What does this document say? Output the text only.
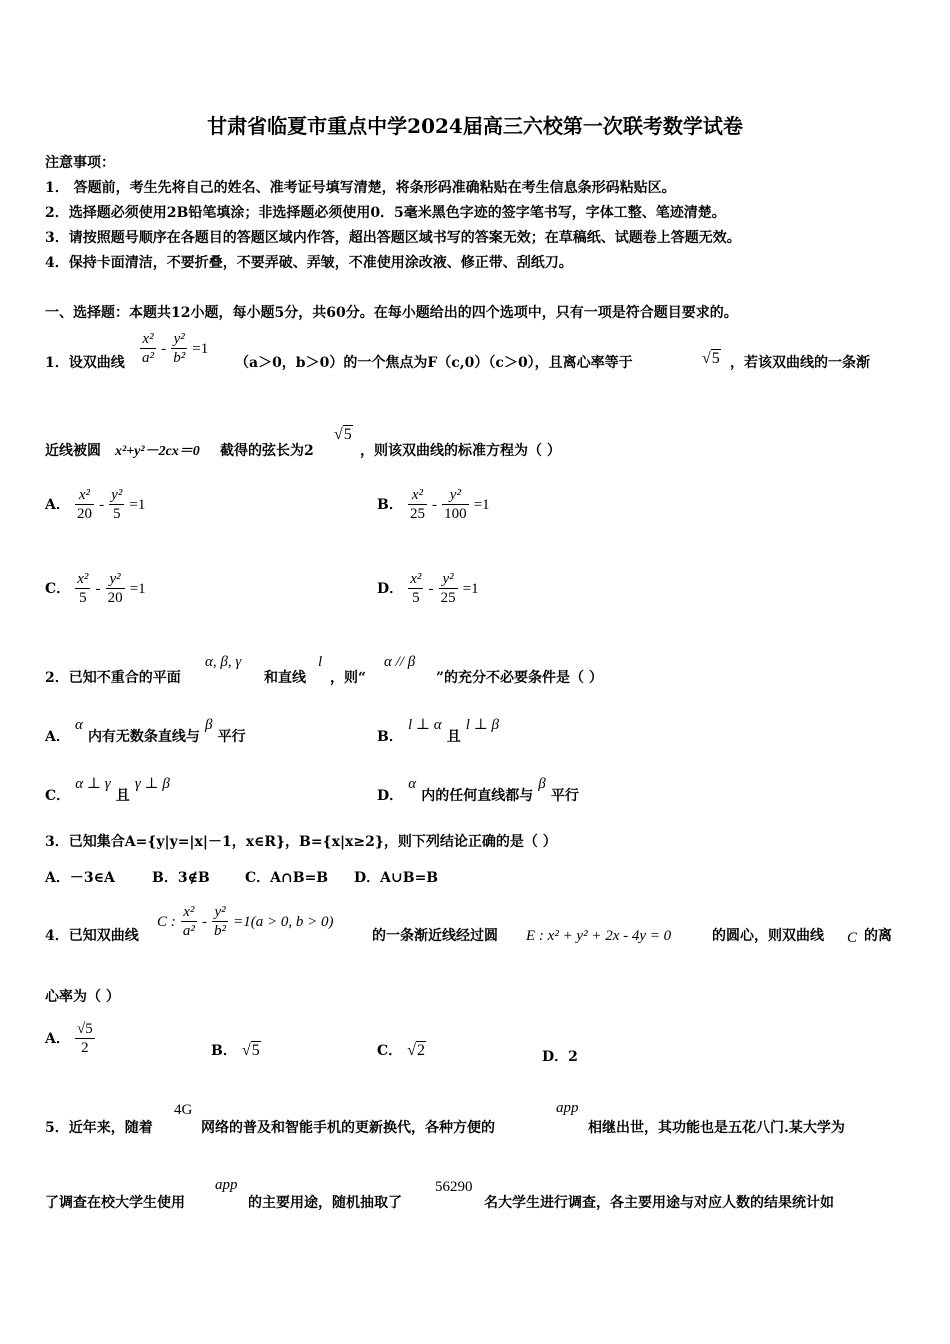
甘肃省临夏市重点中学2024届高三六校第一次联考数学试卷
注意事项：
1． 答题前，考生先将自己的姓名、准考证号填写清楚，将条形码准确粘贴在考生信息条形码粘贴区。
2．选择题必须使用2B铅笔填涂；非选择题必须使用0．5毫米黑色字迹的签字笔书写，字体工整、笔迹清楚。
3．请按照题号顺序在各题目的答题区域内作答，超出答题区域书写的答案无效；在草稿纸、试题卷上答题无效。
4．保持卡面清洁，不要折叠，不要弄破、弄皱，不准使用涂改液、修正带、刮纸刀。
一、选择题：本题共12小题，每小题5分，共60分。在每小题给出的四个选项中，只有一项是符合题目要求的。
1．设双曲线 $\frac{\text{x²}}{\text{a²}} - \frac{\text{y²}}{\text{b²}} =1$
（a＞0，b＞0）的一个焦点为F（c,0）（c＞0），且离心率等于	√5 ，若该双曲线的一条渐
近线被圆 x²+y²－2cx＝0 截得的弦长为2
√5
，则该双曲线的标准方程为（ ）
A． $\frac{\text{x²}}{20} - \frac{\text{y²}}{5} =1$	B． $\frac{\text{x²}}{25} - \frac{\text{y²}}{100} =1$
C． $\frac{\text{x²}}{5} - \frac{\text{y²}}{20} =1$	D． $\frac{\text{x²}}{5} - \frac{\text{y²}}{25} =1$
2．已知不重合的平面
α, β, γ
和直线
l
，则“
α // β
”的充分不必要条件是（ ）
A． α 内有无数条直线与 β 平行	B． l ⊥ α 且 l ⊥ β
C． α ⊥ γ 且 γ ⊥ β
D． α 内的任何直线都与 β 平行
3．已知集合A={y|y=|x|－1，x∈R}，B={x|x≥2}，则下列结论正确的是（ ）
A．－3∈A	B．3∉B	C．A∩B=B D．A∪B=B
4．已知双曲线
C : $\frac{\text{x²}}{\text{a²}} - \frac{\text{y²}}{\text{b²}} =1(a > 0$, b > 0)
的一条渐近线经过圆 E : x² + y² + 2x - 4y = 0	的圆心，则双曲线 C 的离
心率为（ ）
A． $\frac{√5}{2}$	B． √5	C． √2	D．2
5．近年来，随着
4G
网络的普及和智能手机的更新换代，各种方便的
app
相继出世，其功能也是五花八门.某大学为
了调查在校大学生使用
app
的主要用途，随机抽取了
56290
名大学生进行调查，各主要用途与对应人数的结果统计如
